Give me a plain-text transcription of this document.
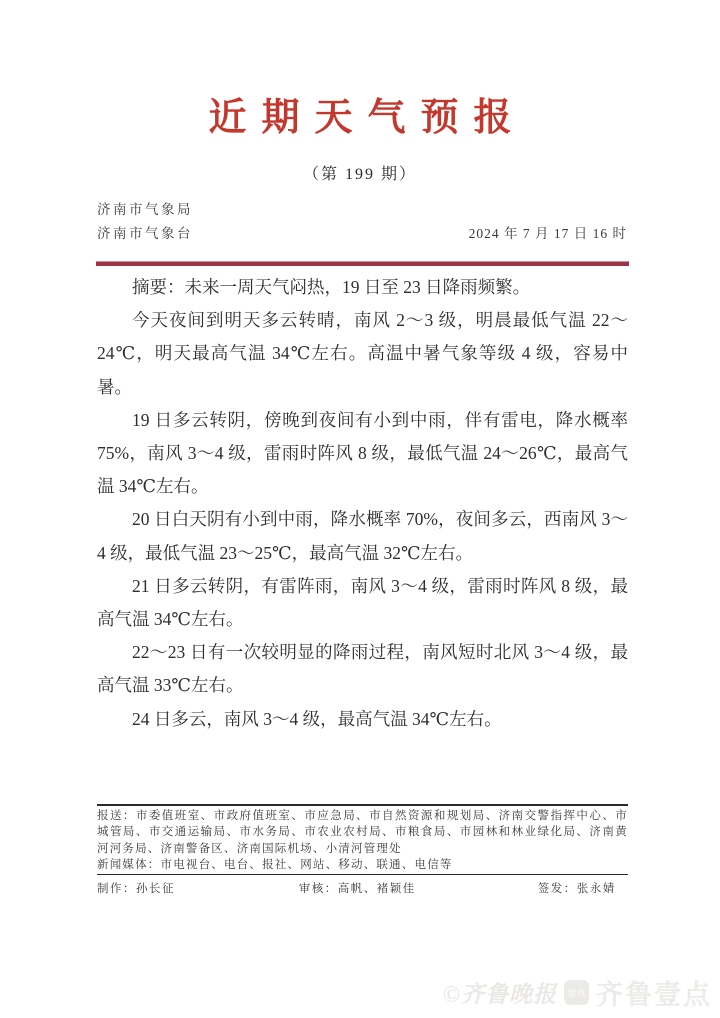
近期天气预报
（第 199 期）
济南市气象局
济南市气象台	2024 年 7 月 17 日 16 时

摘要：未来一周天气闷热，19 日至 23 日降雨频繁。

今天夜间到明天多云转晴，南风 2～3 级，明晨最低气温 22～24℃，明天最高气温 34℃左右。高温中暑气象等级 4 级，容易中暑。

19 日多云转阴，傍晚到夜间有小到中雨，伴有雷电，降水概率 75%，南风 3～4 级，雷雨时阵风 8 级，最低气温 24～26℃，最高气温 34℃左右。

20 日白天阴有小到中雨，降水概率 70%，夜间多云，西南风 3～4 级，最低气温 23～25℃，最高气温 32℃左右。

21 日多云转阴，有雷阵雨，南风 3～4 级，雷雨时阵风 8 级，最高气温 34℃左右。

22～23 日有一次较明显的降雨过程，南风短时北风 3～4 级，最高气温 33℃左右。

24 日多云，南风 3～4 级，最高气温 34℃左右。

报送：市委值班室、市政府值班室、市应急局、市自然资源和规划局、济南交警指挥中心、市城管局、市交通运输局、市水务局、市农业农村局、市粮食局、市园林和林业绿化局、济南黄河河务局、济南警备区、济南国际机场、小清河管理处

新闻媒体：市电视台、电台、报社、网站、移动、联通、电信等

制作：孙长征	审核：高帆、褚颖佳	签发：张永婧
©齐鲁晚报	壹点 齐鲁壹点
